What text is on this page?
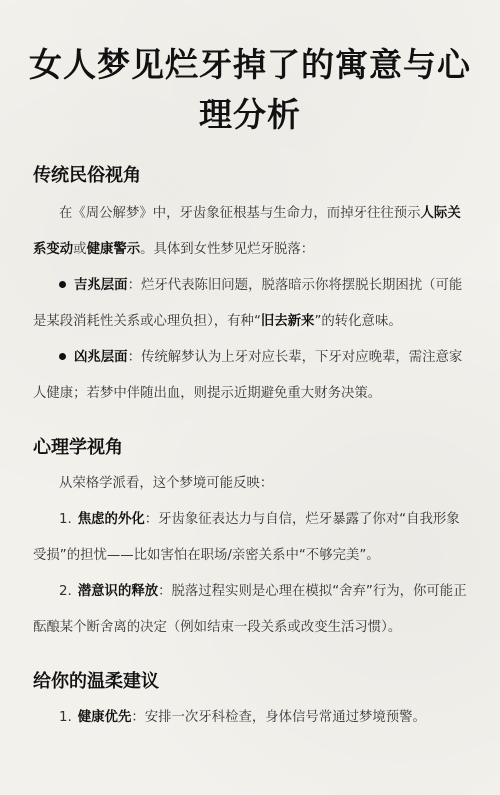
女人梦见烂牙掉了的寓意与心
理分析
传统民俗视角

在《周公解梦》中，牙齿象征根基与生命力，而掉牙往往预示人际关系变动或健康警示。具体到女性梦见烂牙脱落：

吉兆层面：烂牙代表陈旧问题，脱落暗示你将摆脱长期困扰（可能是某段消耗性关系或心理负担），有种“旧去新来”的转化意味。

凶兆层面：传统解梦认为上牙对应长辈，下牙对应晚辈，需注意家人健康；若梦中伴随出血，则提示近期避免重大财务决策。

心理学视角

从荣格学派看，这个梦境可能反映：

1. 焦虑的外化：牙齿象征表达力与自信，烂牙暴露了你对“自我形象受损”的担忧——比如害怕在职场/亲密关系中“不够完美”。

2. 潜意识的释放：脱落过程实则是心理在模拟“舍弃”行为，你可能正酝酿某个断舍离的决定（例如结束一段关系或改变生活习惯）。

给你的温柔建议

1. 健康优先：安排一次牙科检查，身体信号常通过梦境预警。
